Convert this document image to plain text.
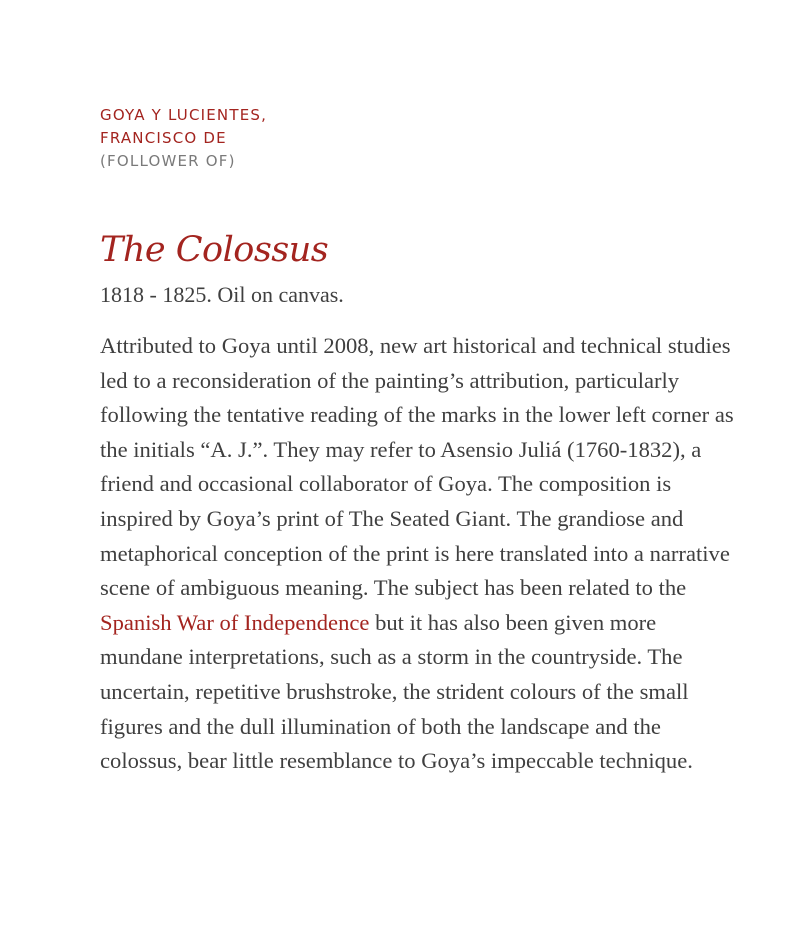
GOYA Y LUCIENTES,
FRANCISCO DE
(FOLLOWER OF)
The Colossus
1818 - 1825. Oil on canvas.
Attributed to Goya until 2008, new art historical and technical studies led to a reconsideration of the painting’s attribution, particularly following the tentative reading of the marks in the lower left corner as the initials “A. J.”. They may refer to Asensio Juliá (1760-1832), a friend and occasional collaborator of Goya. The composition is inspired by Goya’s print of The Seated Giant. The grandiose and metaphorical conception of the print is here translated into a narrative scene of ambiguous meaning. The subject has been related to the Spanish War of Independence but it has also been given more mundane interpretations, such as a storm in the countryside. The uncertain, repetitive brushstroke, the strident colours of the small figures and the dull illumination of both the landscape and the colossus, bear little resemblance to Goya’s impeccable technique.
